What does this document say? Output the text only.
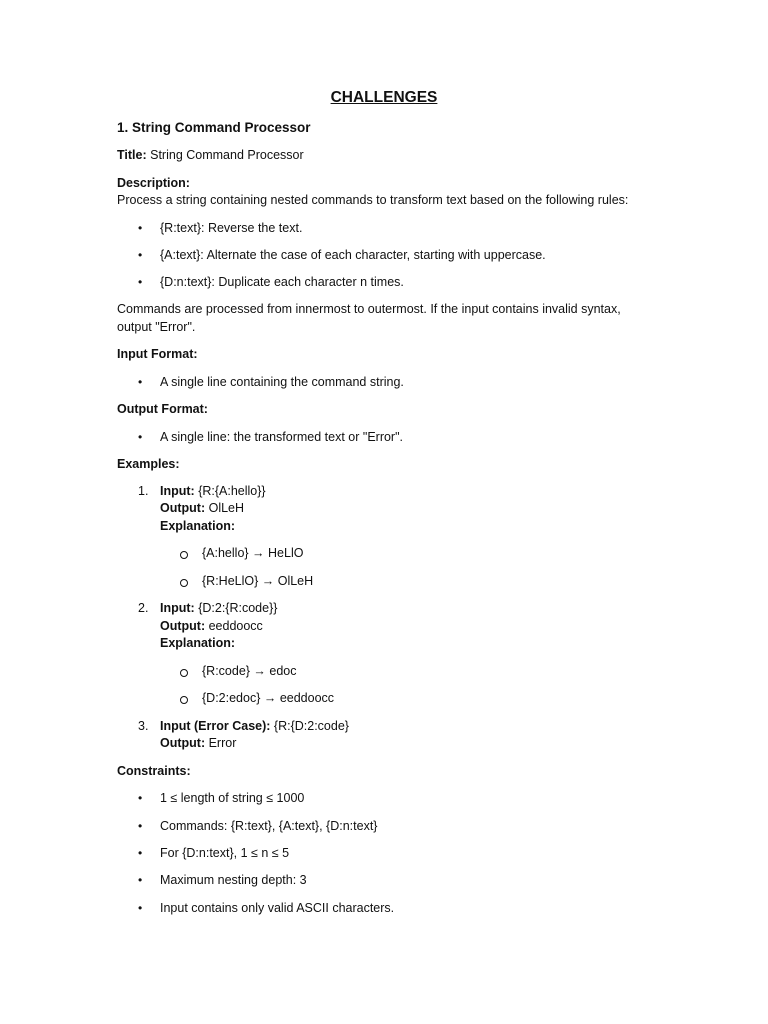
CHALLENGES
1. String Command Processor
Title: String Command Processor
Description:
Process a string containing nested commands to transform text based on the following rules:
• {R:text}: Reverse the text.
• {A:text}: Alternate the case of each character, starting with uppercase.
• {D:n:text}: Duplicate each character n times.
Commands are processed from innermost to outermost. If the input contains invalid syntax,
output "Error".
Input Format:
• A single line containing the command string.
Output Format:
• A single line: the transformed text or "Error".
Examples:
1. Input: {R:{A:hello}}
Output: OlLeH
Explanation:
{A:hello} → HeLlO
{R:HeLlO} → OlLeH
2. Input: {D:2:{R:code}}
Output: eeddoocc
Explanation:
{R:code} → edoc
{D:2:edoc} → eeddoocc
3. Input (Error Case): {R:{D:2:code}
Output: Error
Constraints:
• 1 ≤ length of string ≤ 1000
• Commands: {R:text}, {A:text}, {D:n:text}
• For {D:n:text}, 1 ≤ n ≤ 5
• Maximum nesting depth: 3
• Input contains only valid ASCII characters.
